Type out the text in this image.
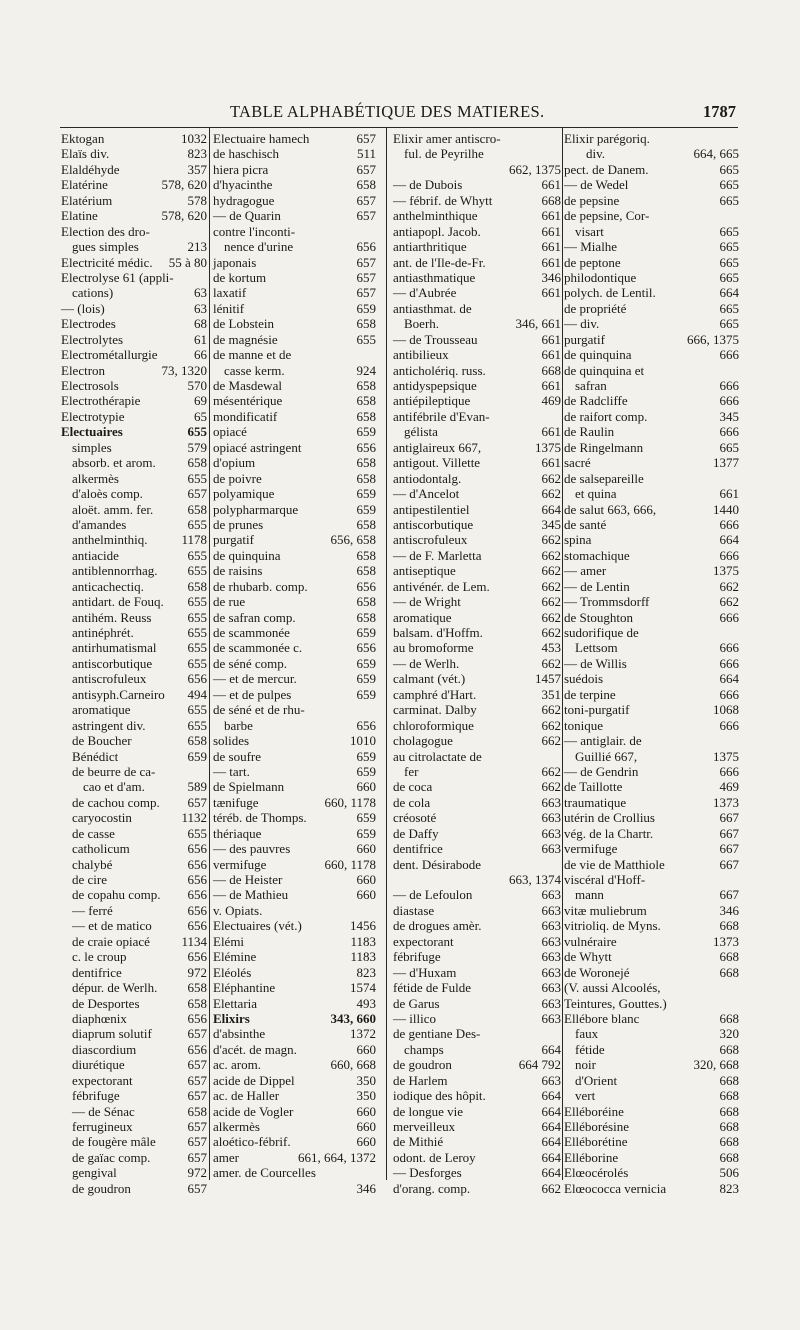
TABLE ALPHABÉTIQUE DES MATIERES.	1787
Ektogan	1032
Elaïs div.	823
Elaldéhyde	357
Elatérine	578, 620
Elatérium	578
Elatine	578, 620
Election des dro-
gues simples	213
Electricité médic. 55 à 80
Electrolyse 61 (appli-
cations)	63
— (lois)	63
Electrodes	68
Electrolytes	61
Electrométallurgie	66
Electron	73, 1320
Electrosols	570
Electrothérapie	69
Electrotypie	65
Electuaires	655
simples	579
absorb. et arom. 658
alkermès	655
d'aloès comp.	657
aloët. amm. fer.	658
d'amandes	655
anthelminthiq.	1178
antiacide	655
antiblennorrhag. 655
anticachectiq.	658
antidart. de Fouq. 655
antihém. Reuss	655
antinéphrét.	655
antirhumatismal 655
antiscorbutique	655
antiscrofuleux	656
antisyph.Carneiro 494
aromatique	655
astringent div.	655
de Boucher	658
Bénédict	659
de beurre de ca-
cao et d'am.	589
de cachou comp. 657
caryocostin	1132
de casse	655
catholicum	656
chalybé	656
de cire	656
de copahu comp. 656
— ferré	656
— et de matico	656
de craie opiacé 1134
c. le croup	656
dentifrice	972
dépur. de Werlh. 658
de Desportes	658
diaphœnix	656
diaprum solutif	657
diascordium	656
diurétique	657
expectorant	657
fébrifuge	657
— de Sénac	658
ferrugineux	657
de fougère mâle 657
de gaïac comp.	657
gengival	972
de goudron	657
Electuaire hamech	657
de haschisch	511
hiera picra	657
d'hyacinthe	658
hydragogue	657
— de Quarin	657
contre l'inconti-
nence d'urine	656
japonais	657
de kortum	657
laxatif	657
lénitif	659
de Lobstein	658
de magnésie	655
de manne et de
casse kerm.	924
de Masdewal	658
mésentérique	658
mondificatif	658
opiacé	659
opiacé astringent	656
d'opium	658
de poivre	658
polyamique	659
polypharmarque	659
de prunes	658
purgatif	656, 658
de quinquina	658
de raisins	658
de rhubarb. comp.	656
de rue	658
de safran comp.	658
de scammonée	659
de scammonée c.	656
de séné comp.	659
— et de mercur.	659
— et de pulpes	659
de séné et de rhu-
barbe	656
solides	1010
de soufre	659
— tart.	659
de Spielmann	660
tænifuge	660, 1178
téréb. de Thomps.	659
thériaque	659
— des pauvres	660
vermifuge	660, 1178
— de Heister	660
— de Mathieu	660
v. Opiats.
Electuaires (vét.)	1456
Elémi	1183
Elémine	1183
Eléolés	823
Eléphantine	1574
Elettaria	493
Elixirs	343, 660
d'absinthe	1372
d'acét. de magn.	660
ac. arom.	660, 668
acide de Dippel	350
ac. de Haller	350
acide de Vogler	660
alkermès	660
aloético-fébrif.	660
amer	661, 664, 1372
amer. de Courcelles
346
Elixir amer antiscro-
ful. de Peyrilhe
662, 1375
— de Dubois	661
— fébrif. de Whytt	668
anthelminthique	661
antiapopl. Jacob.	661
antiarthritique	661
ant. de l'Ile-de-Fr.	661
antiasthmatique	346
— d'Aubrée	661
antiasthmat. de
Boerh.	346, 661
— de Trousseau	661
antibilieux	661
anticholériq. russ.	668
antidyspepsique	661
antiépileptique	469
antifébrile d'Evan-
gélista	661
antiglaireux 667,	1375
antigout. Villette	661
antiodontalg.	662
— d'Ancelot	662
antipestilentiel	664
antiscorbutique	345
antiscrofuleux	662
— de F. Marletta	662
antiseptique	662
antivénér. de Lem.	662
— de Wright	662
aromatique	662
balsam. d'Hoffm.	662
au bromoforme	453
— de Werlh.	662
calmant (vét.)	1457
camphré d'Hart.	351
carminat. Dalby	662
chloroformique	662
cholagogue	662
au citrolactate de
fer	662
de coca	662
de cola	663
créosoté	663
de Daffy	663
dentifrice	663
dent. Désirabode
663, 1374
— de Lefoulon	663
diastase	663
de drogues amèr.	663
expectorant	663
fébrifuge	663
— d'Huxam	663
fétide de Fulde	663
de Garus	663
— illico	663
de gentiane Des-
champs	664
de goudron	664 792
de Harlem	663
iodique des hôpit.	664
de longue vie	664
merveilleux	664
de Mithié	664
odont. de Leroy	664
— Desforges	664
d'orang. comp.	662
Elixir parégoriq.
div.	664, 665
pect. de Danem.	665
— de Wedel	665
de pepsine	665
de pepsine, Cor-
visart	665
— Mialhe	665
de peptone	665
philodontique	665
polych. de Lentil.	664
de propriété	665
— div.	665
purgatif	666, 1375
de quinquina	666
de quinquina et
safran	666
de Radcliffe	666
de raifort comp.	345
de Raulin	666
de Ringelmann	665
sacré	1377
de salsepareille
et quina	661
de salut 663, 666,	1440
de santé	666
spina	664
stomachique	666
— amer	1375
— de Lentin	662
— Trommsdorff	662
de Stoughton	666
sudorifique de
Lettsom	666
— de Willis	666
suédois	664
de terpine	666
toni-purgatif	1068
tonique	666
— antiglair. de
Guillié 667,	1375
— de Gendrin	666
de Taillotte	469
traumatique	1373
utérin de Crollius	667
vég. de la Chartr.	667
vermifuge	667
de vie de Matthiole	667
viscéral d'Hoff-
mann	667
vitæ muliebrum	346
vitrioliq. de Myns.	668
vulnéraire	1373
de Whytt	668
de Woronejé	668
(V. aussi Alcoolés,
Teintures, Gouttes.)
Ellébore blanc	668
faux	320
fétide	668
noir	320, 668
d'Orient	668
vert	668
Elléboréine	668
Elléborésine	668
Elléborétine	668
Elléborine	668
Elœocérolés	506
Elœococca vernicia	823
